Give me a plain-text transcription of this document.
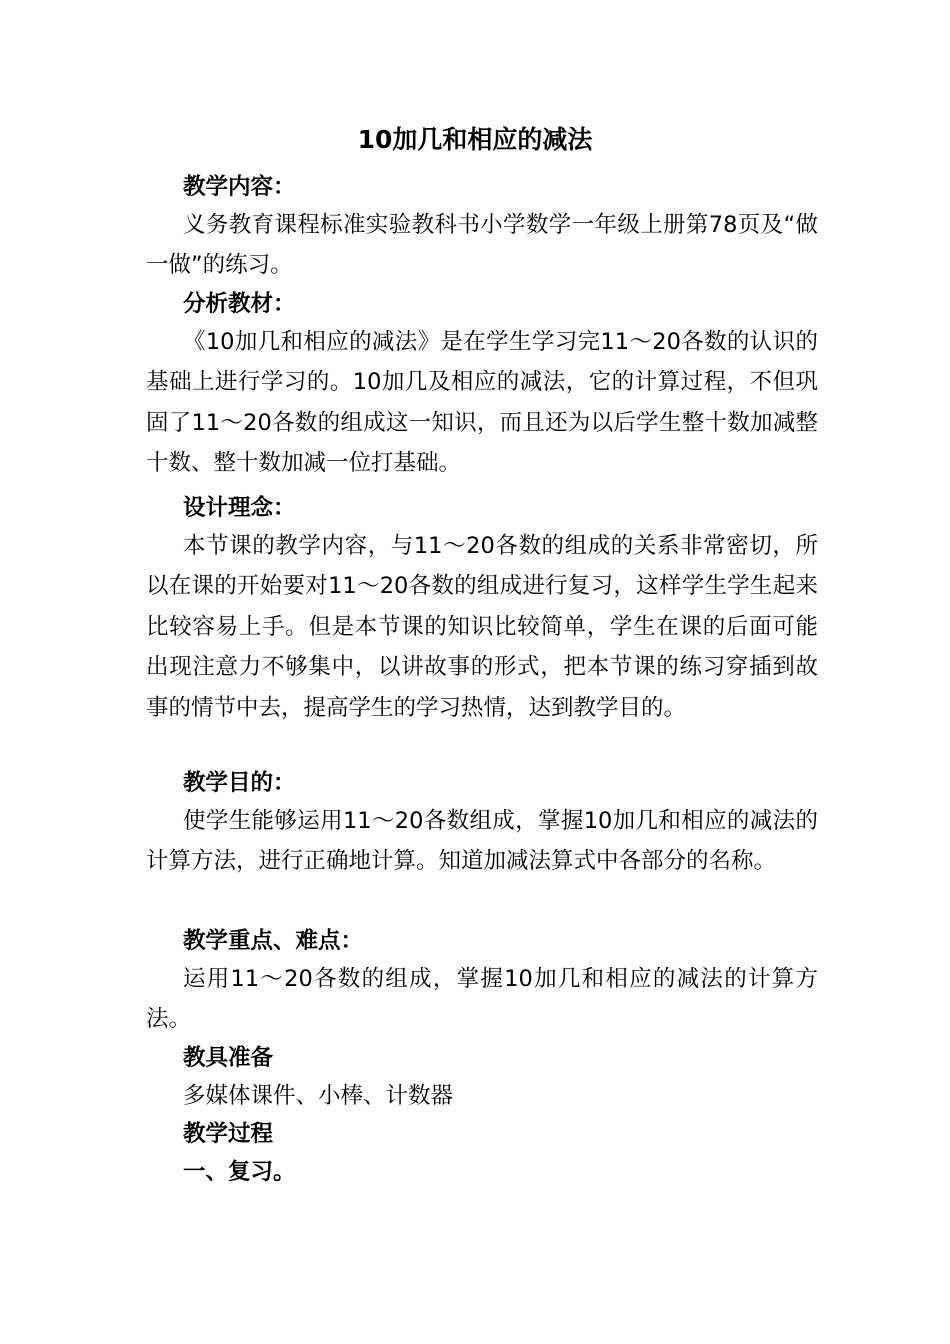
10加几和相应的减法
教学内容：
义务教育课程标准实验教科书小学数学一年级上册第78页及“做一做”的练习。
分析教材：
《10加几和相应的减法》是在学生学习完11～20各数的认识的基础上进行学习的。10加几及相应的减法，它的计算过程，不但巩固了11～20各数的组成这一知识，而且还为以后学生整十数加减整十数、整十数加减一位打基础。
设计理念：
本节课的教学内容，与11～20各数的组成的关系非常密切，所以在课的开始要对11～20各数的组成进行复习，这样学生学生起来比较容易上手。但是本节课的知识比较简单，学生在课的后面可能出现注意力不够集中，以讲故事的形式，把本节课的练习穿插到故事的情节中去，提高学生的学习热情，达到教学目的。
教学目的：
使学生能够运用11～20各数组成，掌握10加几和相应的减法的计算方法，进行正确地计算。知道加减法算式中各部分的名称。
教学重点、难点：
运用11～20各数的组成，掌握10加几和相应的减法的计算方法。
教具准备
多媒体课件、小棒、计数器
教学过程
一、复习。
